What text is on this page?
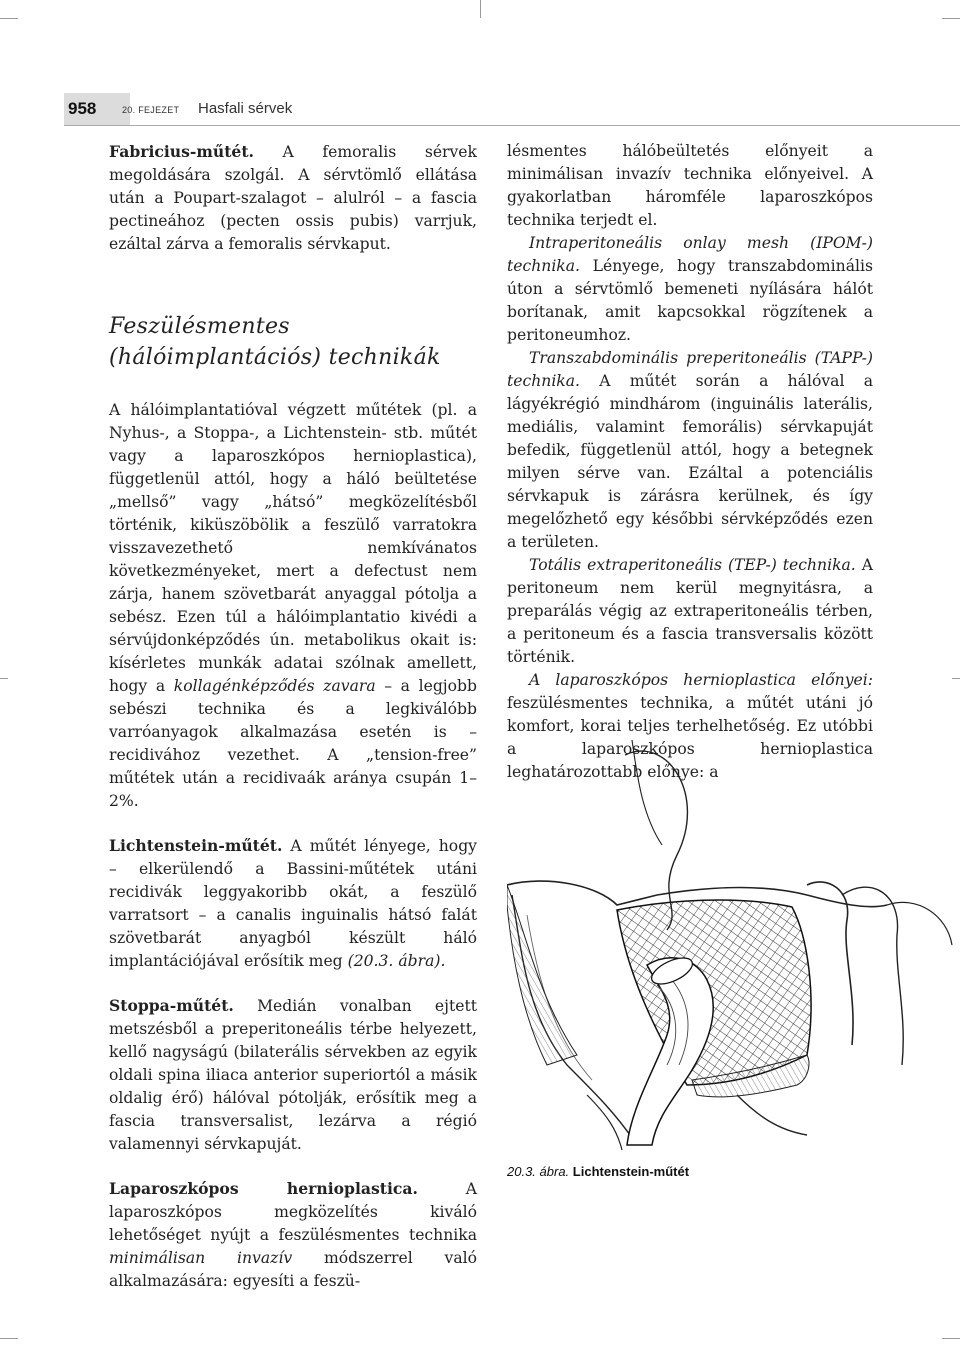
958	20. FEJEZET Hasfali sérvek

Fabricius-műtét. A femoralis sérvek megoldására szolgál. A sérvtömlő ellátása után a Poupart-szalagot – alulról – a fascia pectineához (pecten ossis pubis) varrjuk, ezáltal zárva a femoralis sérvkaput.

Feszülésmentes (hálóimplantációs) technikák

A hálóimplantatióval végzett műtétek (pl. a Nyhus-, a Stoppa-, a Lichtenstein- stb. műtét vagy a laparoszkópos hernioplastica), függetlenül attól, hogy a háló beültetése „mellső” vagy „hátsó” megközelítésből történik, kiküszöbölik a feszülő varratokra visszavezethető nemkívánatos következményeket, mert a defectust nem zárja, hanem szövetbarát anyaggal pótolja a sebész. Ezen túl a hálóimplantatio kivédi a sérvújdonképződés ún. metabolikus okait is: kísérletes munkák adatai szólnak amellett, hogy a kollagénképződés zavara – a legjobb sebészi technika és a legkiválóbb varróanyagok alkalmazása esetén is – recidivához vezethet. A „tension-free” műtétek után a recidivaák aránya csupán 1–2%.

Lichtenstein-műtét. A műtét lényege, hogy – elkerülendő a Bassini-műtétek utáni recidivák leggyakoribb okát, a feszülő varratsort – a canalis inguinalis hátsó falát szövetbarát anyagból készült háló implantációjával erősítik meg (20.3. ábra).

Stoppa-műtét. Medián vonalban ejtett metszésből a preperitoneális térbe helyezett, kellő nagyságú (bilaterális sérvekben az egyik oldali spina iliaca anterior superiortól a másik oldalig érő) hálóval pótolják, erősítik meg a fascia transversalist, lezárva a régió valamennyi sérvkapuját.

Laparoszkópos hernioplastica. A laparoszkópos megközelítés kiváló lehetőséget nyújt a feszülésmentes technika minimálisan invazív módszerrel való alkalmazására: egyesíti a feszü-

lésmentes hálóbeültetés előnyeit a minimálisan invazív technika előnyeivel. A gyakorlatban háromféle laparoszkópos technika terjedt el.

Intraperitoneális onlay mesh (IPOM-) technika. Lényege, hogy transzabdominális úton a sérvtömlő bemeneti nyílására hálót borítanak, amit kapcsokkal rögzítenek a peritoneumhoz.

Transzabdominális preperitoneális (TAPP-) technika. A műtét során a hálóval a lágyékrégió mindhárom (inguinális laterális, mediális, valamint femorális) sérvkapuját befedik, függetlenül attól, hogy a betegnek milyen sérve van. Ezáltal a potenciális sérvkapuk is zárásra kerülnek, és így megelőzhető egy későbbi sérvképződés ezen a területen.

Totális extraperitoneális (TEP-) technika. A peritoneum nem kerül megnyitásra, a preparálás végig az extraperitoneális térben, a peritoneum és a fascia transversalis között történik.

A laparoszkópos hernioplastica előnyei: feszülésmentes technika, a műtét utáni jó komfort, korai teljes terhelhetőség. Ez utóbbi a laparoszkópos hernioplastica leghatározottabb előnye: a

20.3. ábra. Lichtenstein-műtét
